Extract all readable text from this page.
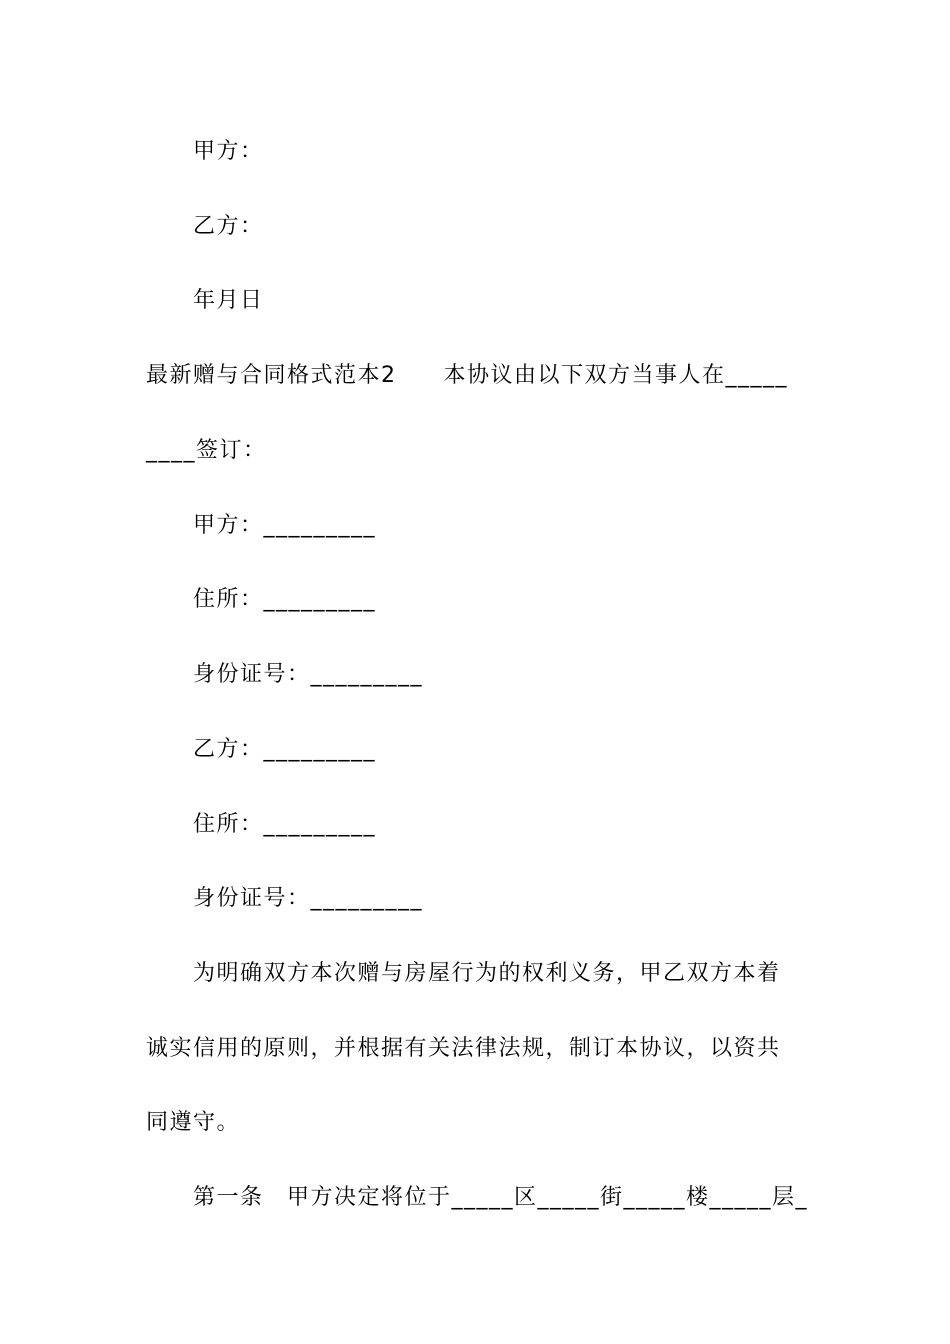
甲方：
乙方：
年月日
最新赠与合同格式范本2　　本协议由以下双方当事人在_____
____签订：
甲方：_________
住所：_________
身份证号：_________
乙方：_________
住所：_________
身份证号：_________
为明确双方本次赠与房屋行为的权利义务，甲乙双方本着
诚实信用的原则，并根据有关法律法规，制订本协议，以资共
同遵守。
第一条　甲方决定将位于_____区_____街_____楼_____层_
